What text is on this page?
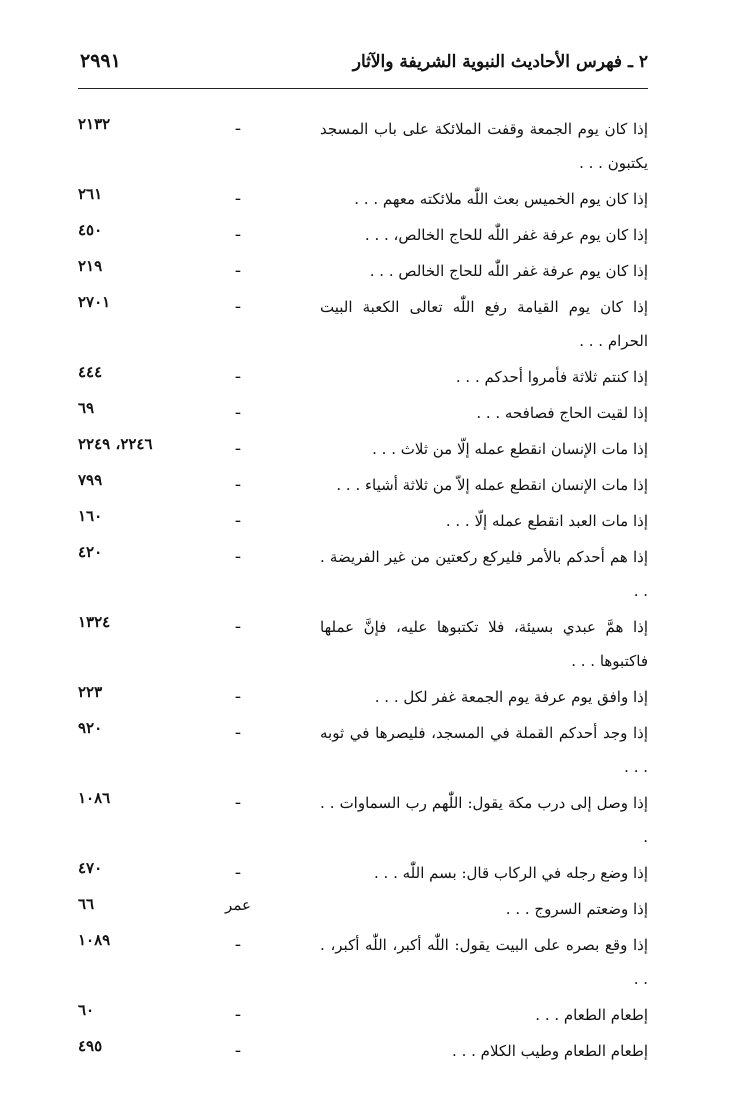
٢ ـ فهرس الأحاديث النبوية الشريفة والآثار
٢٩٩١
٢١٣٢	ـ	إذا كان يوم الجمعة وقفت الملائكة على باب المسجد يكتبون . . .
٢٦١	ـ	إذا كان يوم الخميس بعث اللّٰه ملائكته معهم . . .
٤٥٠	ـ	إذا كان يوم عرفة غفر اللّٰه للحاج الخالص، . . .
٢١٩	ـ	إذا كان يوم عرفة غفر اللّٰه للحاج الخالص . . .
٢٧٠١	ـ	إذا كان يوم القيامة رفع اللّٰه تعالى الكعبة البيت الحرام . . .
٤٤٤	ـ	إذا كنتم ثلاثة فأمروا أحدكم . . .
٦٩	ـ	إذا لقيت الحاج فصافحه . . .
٢٢٤٦، ٢٢٤٩	ـ	إذا مات الإنسان انقطع عمله إلّا من ثلاث . . .
٧٩٩	ـ	إذا مات الإنسان انقطع عمله إلاّ من ثلاثة أشياء . . .
١٦٠	ـ	إذا مات العبد انقطع عمله إلّا . . .
٤٢٠	ـ	إذا هم أحدكم بالأمر فليركع ركعتين من غير الفريضة . . .
١٣٢٤	ـ	إذا همَّ عبدي بسيئة، فلا تكتبوها عليه، فإنَّ عملها فاكتبوها . . .
٢٢٣	ـ	إذا وافق يوم عرفة يوم الجمعة غفر لكل . . .
٩٢٠	ـ	إذا وجد أحدكم القملة في المسجد، فليصرها في ثوبه . . .
١٠٨٦	ـ	إذا وصل إلى درب مكة يقول: اللّٰهم رب السماوات . . .
٤٧٠	ـ	إذا وضع رجله في الركاب قال: بسم اللّٰه . . .
٦٦	عمر	إذا وضعتم السروج . . .
١٠٨٩	ـ	إذا وقع بصره على البيت يقول: اللّٰه أكبر، اللّٰه أكبر، . . .
٦٠	ـ	إطعام الطعام . . .
٤٩٥	ـ	إطعام الطعام وطيب الكلام . . .
